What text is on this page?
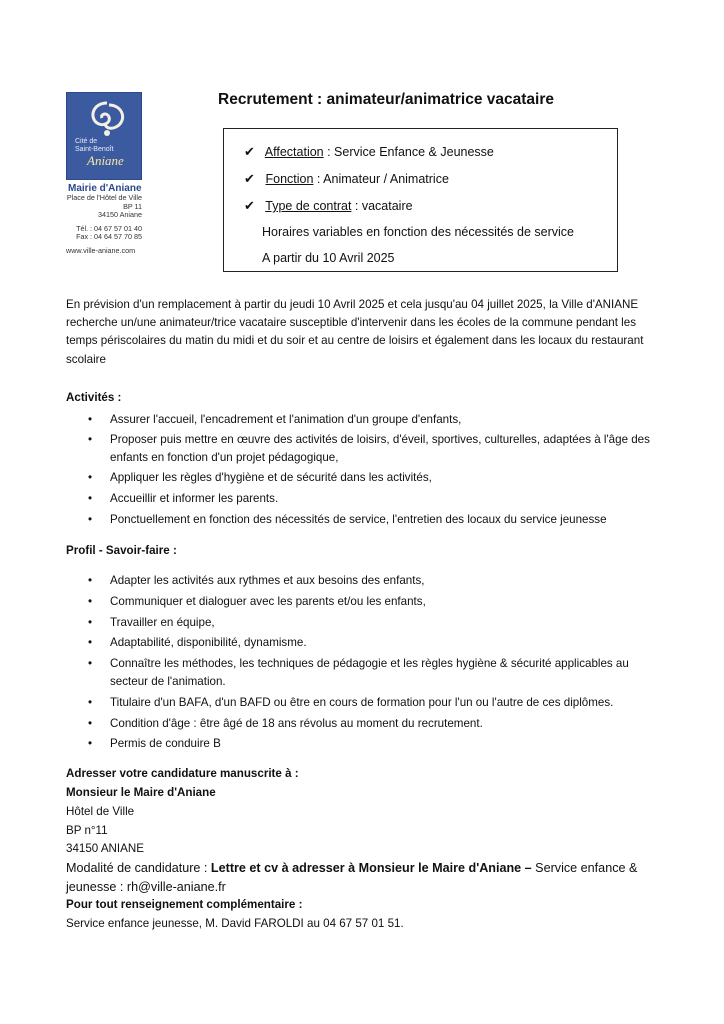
Cité de
Saint-Benoît
Aniane
Mairie d'Aniane
Place de l'Hôtel de Ville
BP 11
34150 Aniane
Tél. : 04 67 57 01 40
Fax : 04 64 57 70 85
www.ville-aniane.com
Recrutement : animateur/animatrice vacataire
✔ Affectation : Service Enfance & Jeunesse
✔ Fonction : Animateur / Animatrice
✔ Type de contrat : vacataire
Horaires variables en fonction des nécessités de service
A partir du 10 Avril 2025

En prévision d'un remplacement à partir du jeudi 10 Avril 2025 et cela jusqu'au 04 juillet 2025, la Ville d'ANIANE recherche un/une animateur/trice vacataire susceptible d'intervenir dans les écoles de la commune pendant les temps périscolaires du matin du midi et du soir et au centre de loisirs et également dans les locaux du restaurant scolaire

Activités :

• Assurer l'accueil, l'encadrement et l'animation d'un groupe d'enfants,
• Proposer puis mettre en œuvre des activités de loisirs, d'éveil, sportives, culturelles, adaptées à l'âge des enfants en fonction d'un projet pédagogique,
• Appliquer les règles d'hygiène et de sécurité dans les activités,
• Accueillir et informer les parents.
• Ponctuellement en fonction des nécessités de service, l'entretien des locaux du service jeunesse

Profil - Savoir-faire :

• Adapter les activités aux rythmes et aux besoins des enfants,
• Communiquer et dialoguer avec les parents et/ou les enfants,
• Travailler en équipe,
• Adaptabilité, disponibilité, dynamisme.
• Connaître les méthodes, les techniques de pédagogie et les règles hygiène & sécurité applicables au secteur de l'animation.
• Titulaire d'un BAFA, d'un BAFD ou être en cours de formation pour l'un ou l'autre de ces diplômes.
• Condition d'âge : être âgé de 18 ans révolus au moment du recrutement.
• Permis de conduire B

Adresser votre candidature manuscrite à :

Monsieur le Maire d'Aniane

Hôtel de Ville

BP n°11

34150 ANIANE

Modalité de candidature : Lettre et cv à adresser à Monsieur le Maire d'Aniane – Service enfance & jeunesse : rh@ville-aniane.fr

Pour tout renseignement complémentaire :

Service enfance jeunesse, M. David FAROLDI au 04 67 57 01 51.
